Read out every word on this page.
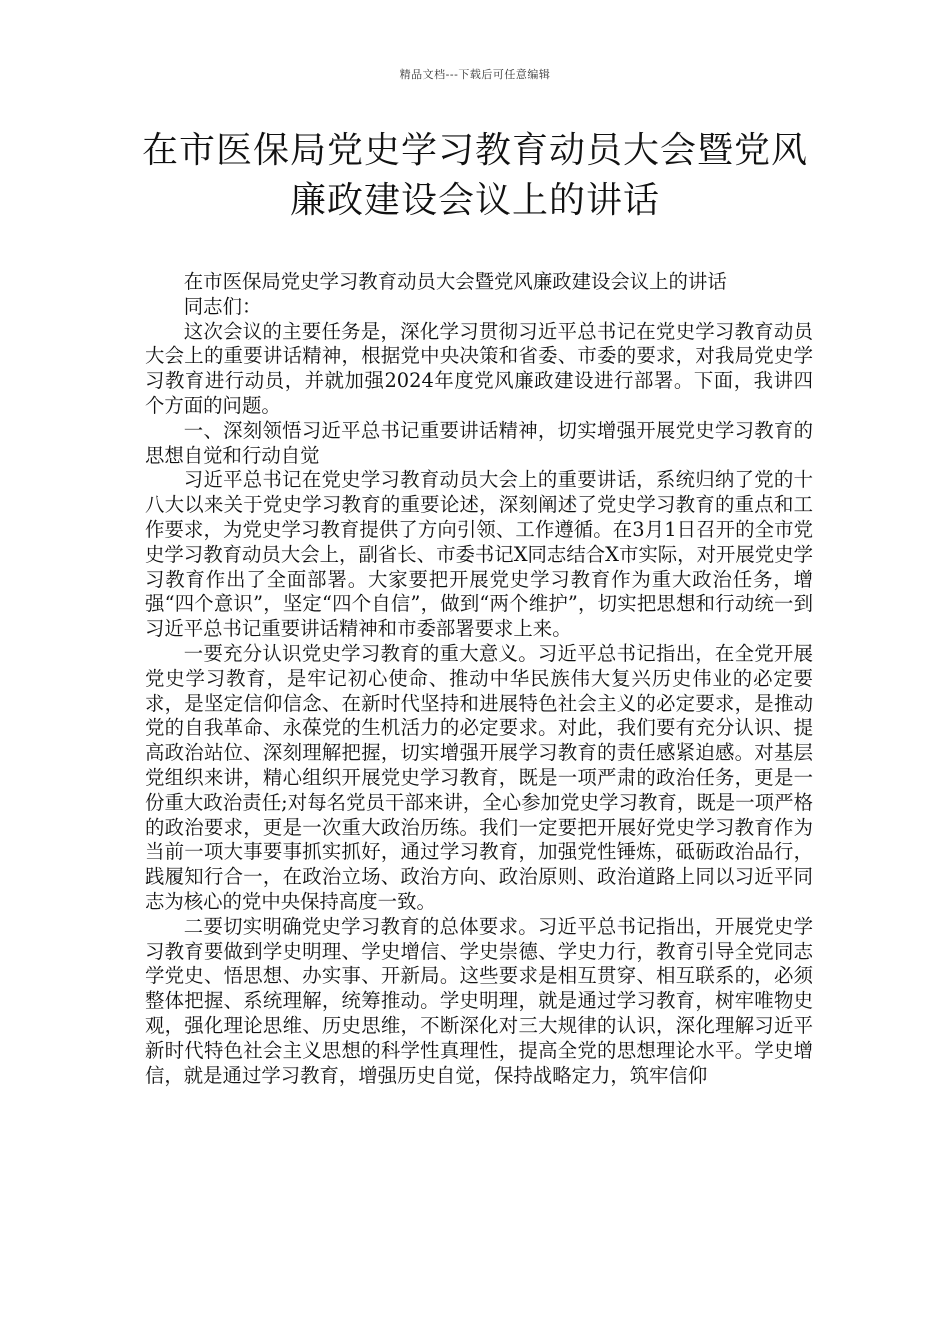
精品文档---下载后可任意编辑
在市医保局党史学习教育动员大会暨党风廉政建设会议上的讲话

在市医保局党史学习教育动员大会暨党风廉政建设会议上的讲话

同志们：

这次会议的主要任务是，深化学习贯彻习近平总书记在党史学习教育动员大会上的重要讲话精神，根据党中央决策和省委、市委的要求，对我局党史学习教育进行动员，并就加强2024年度党风廉政建设进行部署。下面，我讲四个方面的问题。

一、深刻领悟习近平总书记重要讲话精神，切实增强开展党史学习教育的思想自觉和行动自觉

习近平总书记在党史学习教育动员大会上的重要讲话，系统归纳了党的十八大以来关于党史学习教育的重要论述，深刻阐述了党史学习教育的重点和工作要求，为党史学习教育提供了方向引领、工作遵循。在3月1日召开的全市党史学习教育动员大会上，副省长、市委书记X同志结合X市实际，对开展党史学习教育作出了全面部署。大家要把开展党史学习教育作为重大政治任务，增强“四个意识”，坚定“四个自信”，做到“两个维护”，切实把思想和行动统一到习近平总书记重要讲话精神和市委部署要求上来。

一要充分认识党史学习教育的重大意义。习近平总书记指出，在全党开展党史学习教育，是牢记初心使命、推动中华民族伟大复兴历史伟业的必定要求，是坚定信仰信念、在新时代坚持和进展特色社会主义的必定要求，是推动党的自我革命、永葆党的生机活力的必定要求。对此，我们要有充分认识、提高政治站位、深刻理解把握，切实增强开展学习教育的责任感紧迫感。对基层党组织来讲，精心组织开展党史学习教育，既是一项严肃的政治任务，更是一份重大政治责任;对每名党员干部来讲，全心参加党史学习教育，既是一项严格的政治要求，更是一次重大政治历练。我们一定要把开展好党史学习教育作为当前一项大事要事抓实抓好，通过学习教育，加强党性锤炼，砥砺政治品行，践履知行合一，在政治立场、政治方向、政治原则、政治道路上同以习近平同志为核心的党中央保持高度一致。

二要切实明确党史学习教育的总体要求。习近平总书记指出，开展党史学习教育要做到学史明理、学史增信、学史崇德、学史力行，教育引导全党同志学党史、悟思想、办实事、开新局。这些要求是相互贯穿、相互联系的，必须整体把握、系统理解，统筹推动。学史明理，就是通过学习教育，树牢唯物史观，强化理论思维、历史思维，不断深化对三大规律的认识，深化理解习近平新时代特色社会主义思想的科学性真理性，提高全党的思想理论水平。学史增信，就是通过学习教育，增强历史自觉，保持战略定力，筑牢信仰
